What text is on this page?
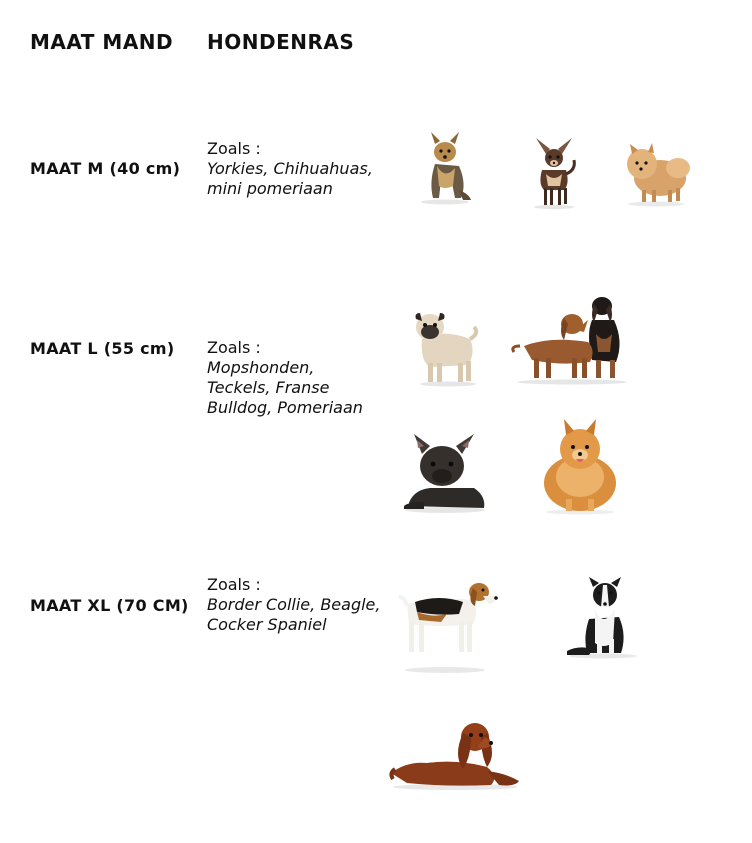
MAAT MAND HONDENRAS
MAAT M (40 cm)
Zoals :
Yorkies, Chihuahuas, mini pomeriaan
MAAT L (55 cm) Zoals :
Mopshonden, Teckels, Franse Bulldog, Pomeriaan
MAAT XL (70 CM)
Zoals :
Border Collie, Beagle, Cocker Spaniel
